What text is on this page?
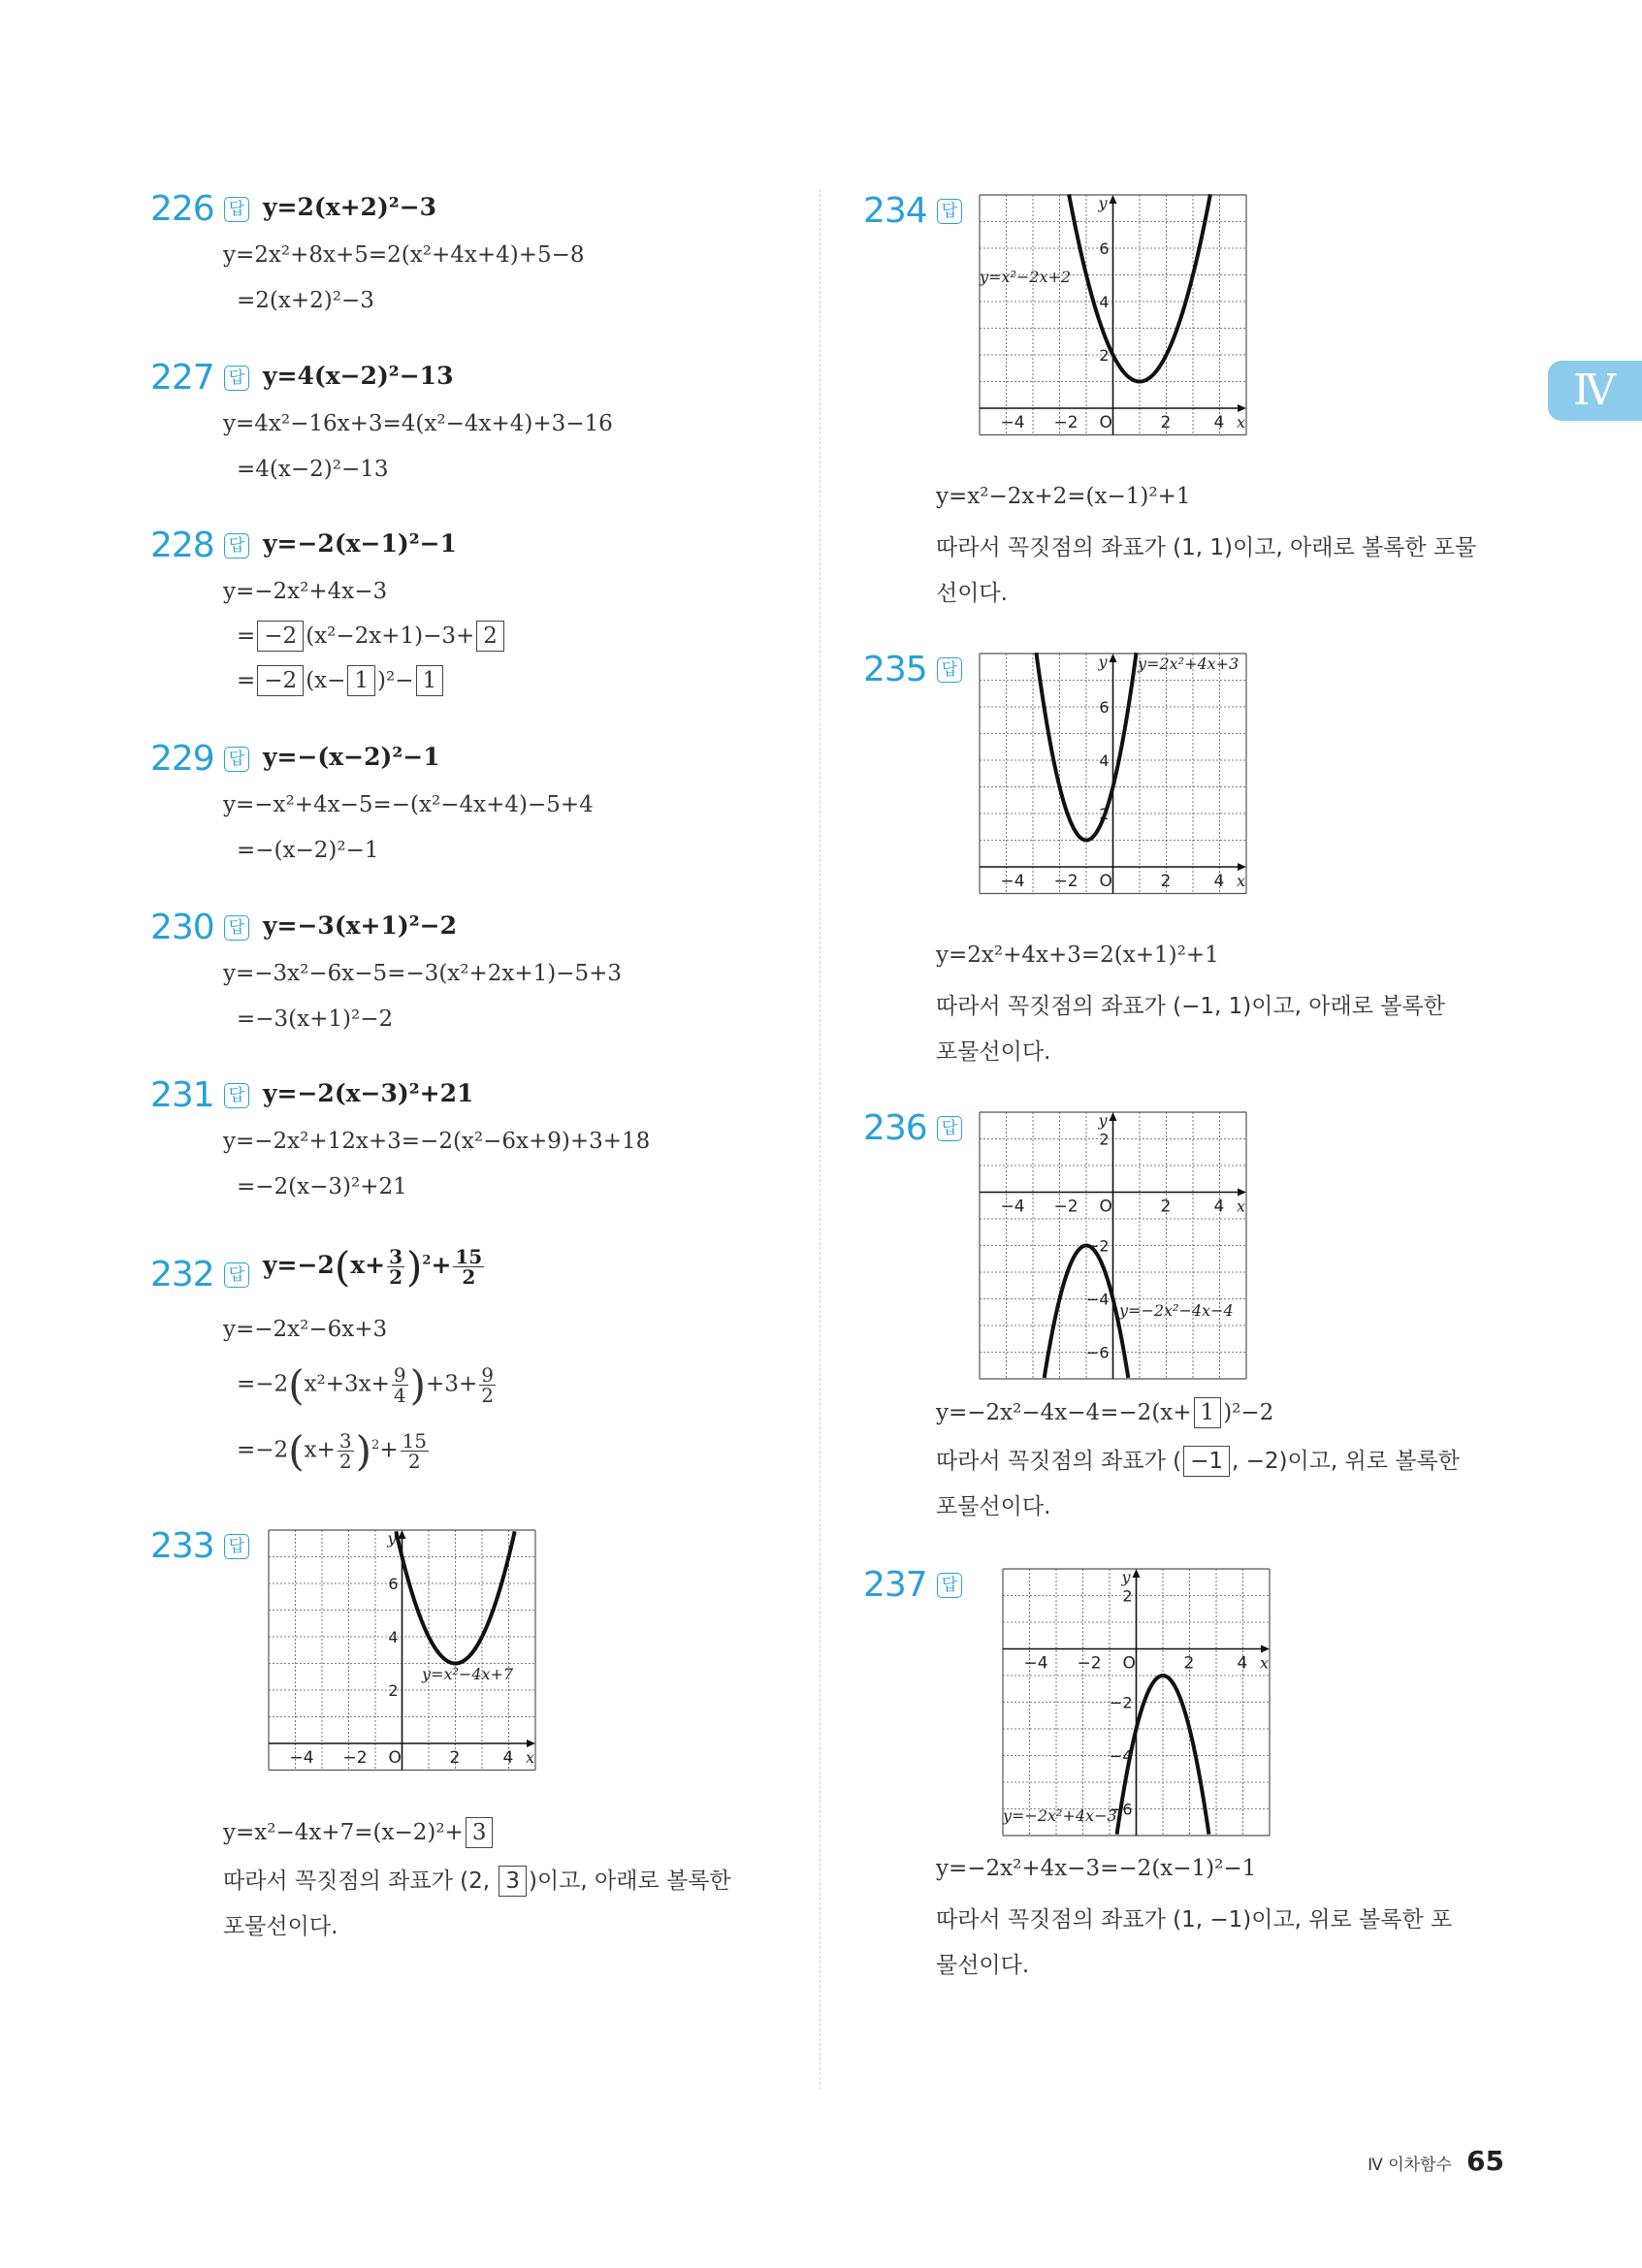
Ⅳ
226 답 y=2(x+2)²−3
y=2x²+8x+5=2(x²+4x+4)+5−8
=2(x+2)²−3
227 답 y=4(x−2)²−13
y=4x²−16x+3=4(x²−4x+4)+3−16
=4(x−2)²−13
228 답 y=−2(x−1)²−1
y=−2x²+4x−3
= −2 (x²−2x+1)−3+ 2
= −2 (x− 1 )²− 1
229 답 y=−(x−2)²−1
y=−x²+4x−5=−(x²−4x+4)−5+4
=−(x−2)²−1
230 답 y=−3(x+1)²−2
y=−3x²−6x−5=−3(x²+2x+1)−5+3
=−3(x+1)²−2
231 답 y=−2(x−3)²+21
y=−2x²+12x+3=−2(x²−6x+9)+3+18
=−2(x−3)²+21
232 답 $y=-2(x+ \frac{3}{2} )^2+ \frac{15}{2}$
y=−2x²−6x+3
$=-2(x^2+3x+ \frac{9}{4} )+3+ \frac{9}{2}$
$=-2(x+ \frac{3}{2} )^2+ \frac{15}{2}$
233 답
−4 −2 O	2	4 x
y
2
4
6
y=x²−4x+7
y=x²−4x+7=(x−2)²+ 3
따라서 꼭짓점의 좌표가 (2, 3 )이고, 아래로 볼록한
포물선이다.
234 답
−4 −2 O	2	4 x
y
2
4
6
y=x²−2x+2
y=x²−2x+2=(x−1)²+1
따라서 꼭짓점의 좌표가 (1, 1)이고, 아래로 볼록한 포물
선이다.
235 답
−4 −2 O	2	4 x
y
2
4
6
y=2x²+4x+3
y=2x²+4x+3=2(x+1)²+1
따라서 꼭짓점의 좌표가 (−1, 1)이고, 아래로 볼록한
포물선이다.
236 답
−4 −2 O	2	4 x
y
2
−2
−4
−6
y=−2x²−4x−4
y=−2x²−4x−4=−2(x+ 1 )²−2
따라서 꼭짓점의 좌표가 ( −1 , −2)이고, 위로 볼록한
포물선이다.
237 답
−4 −2 O	2	4 x
y
2
−2
−4
−6
y=−2x²+4x−3
y=−2x²+4x−3=−2(x−1)²−1
따라서 꼭짓점의 좌표가 (1, −1)이고, 위로 볼록한 포
물선이다.
Ⅳ 이차함수 65
